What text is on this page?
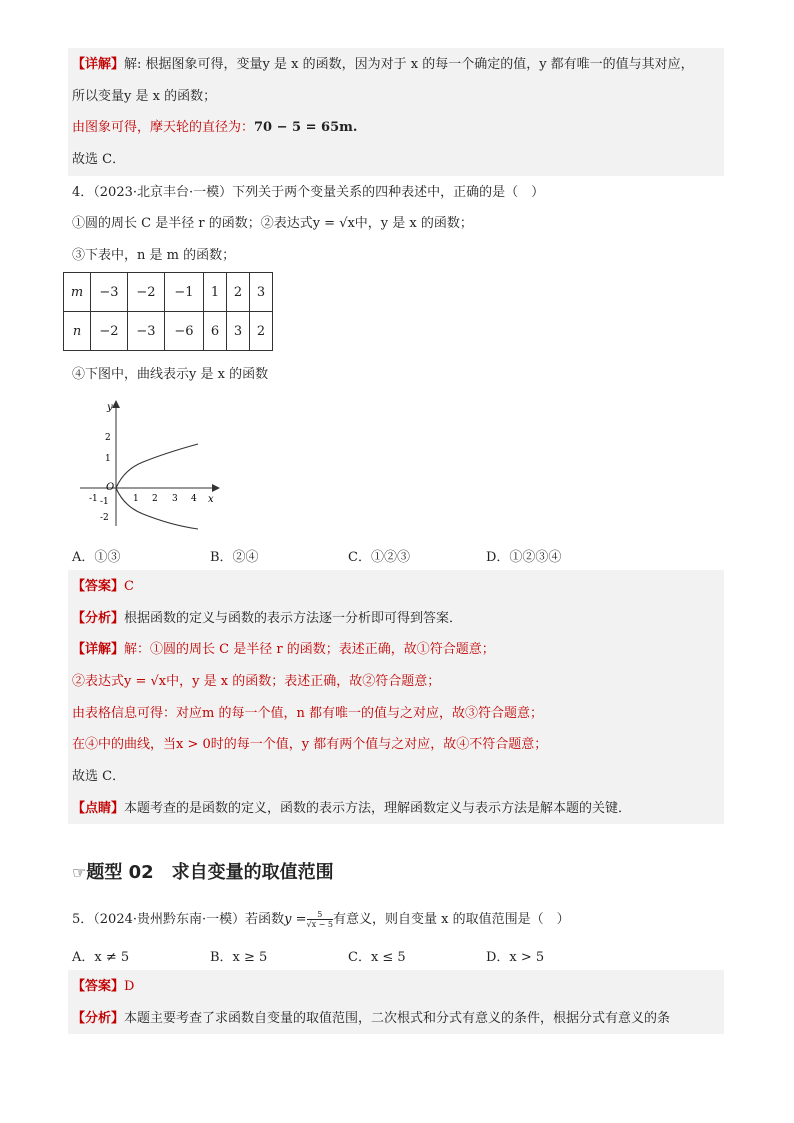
【详解】解: 根据图象可得，变量y 是 x 的函数，因为对于 x 的每一个确定的值，y 都有唯一的值与其对应，
所以变量y 是 x 的函数；
由图象可得，摩天轮的直径为：70 − 5 = 65m.
故选 C．
4．（2023·北京丰台·一模）下列关于两个变量关系的四种表述中，正确的是（　）
①圆的周长 C 是半径 r 的函数；②表达式y = √x中，y 是 x 的函数；
③下表中，n 是 m 的函数；
m	−3	−2	−1	1	2	3
n	−2	−3	−6	6	3	2
④下图中，曲线表示y 是 x 的函数
y
x
O
-1	1 2 3 4
2
1
-1
-2
A．①③	B．②④	C．①②③	D．①②③④
【答案】C
【分析】根据函数的定义与函数的表示方法逐一分析即可得到答案．
【详解】解：①圆的周长 C 是半径 r 的函数；表述正确，故①符合题意；
②表达式y = √x中，y 是 x 的函数；表述正确，故②符合题意；
由表格信息可得：对应m 的每一个值，n 都有唯一的值与之对应，故③符合题意；
在④中的曲线，当x > 0时的每一个值，y 都有两个值与之对应，故④不符合题意；
故选 C．
【点睛】本题考查的是函数的定义，函数的表示方法，理解函数定义与表示方法是解本题的关键．
☞题型 02　求自变量的取值范围
5．（2024·贵州黔东南·一模）若函数$y = \frac{5}{√x - 5}$ 有意义，则自变量 x 的取值范围是（　）
A．x ≠ 5	B．x ≥ 5	C．x ≤ 5	D．x > 5
【答案】D
【分析】本题主要考查了求函数自变量的取值范围，二次根式和分式有意义的条件，根据分式有意义的条
